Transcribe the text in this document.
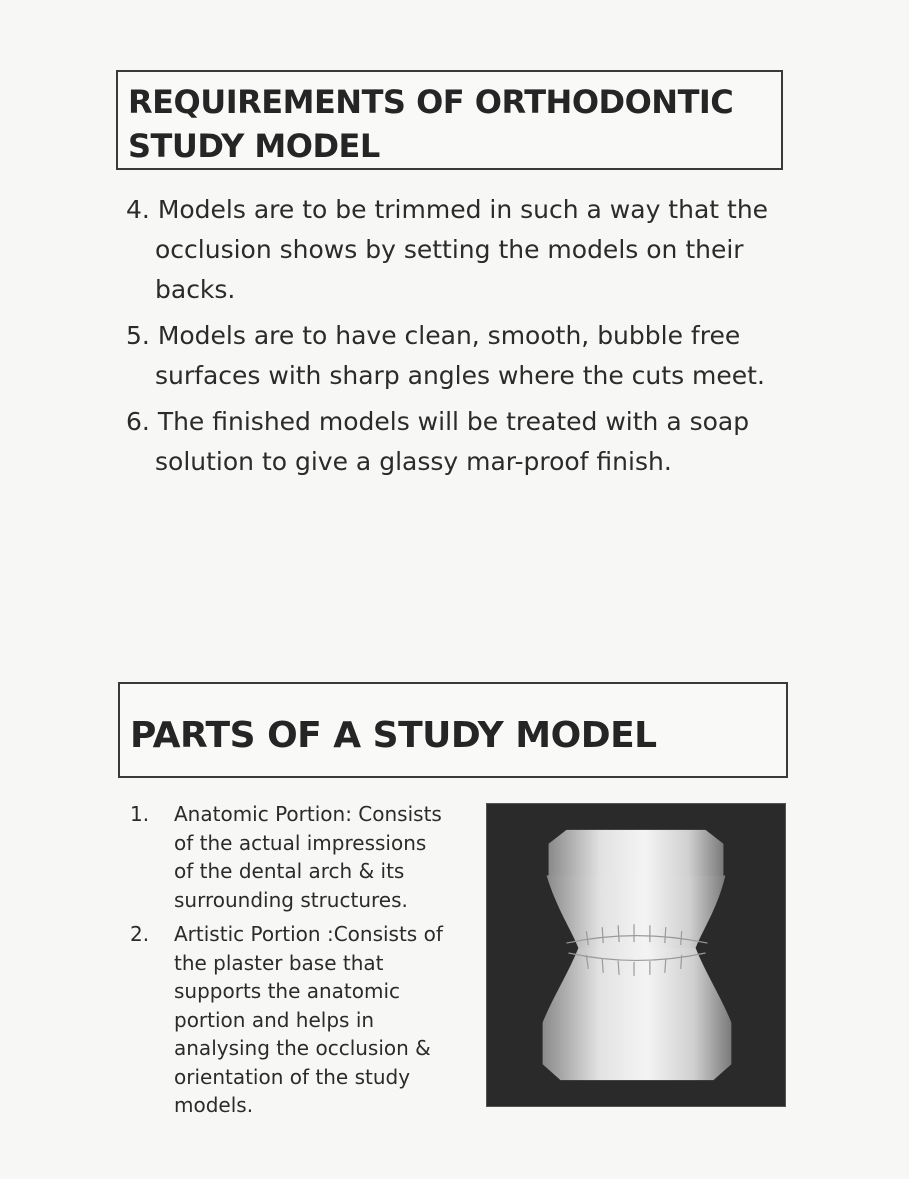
REQUIREMENTS OF ORTHODONTIC
STUDY MODEL
4. Models are to be trimmed in such a way that the occlusion shows by setting the models on their backs.
5. Models are to have clean, smooth, bubble free surfaces with sharp angles where the cuts meet.
6. The finished models will be treated with a soap solution to give a glassy mar-proof finish.
PARTS OF A STUDY MODEL
1.	Anatomic Portion: Consists of the actual impressions of the dental arch & its surrounding structures.
2.	Artistic Portion :Consists of the plaster base that supports the anatomic portion and helps in analysing the occlusion & orientation of the study models.
